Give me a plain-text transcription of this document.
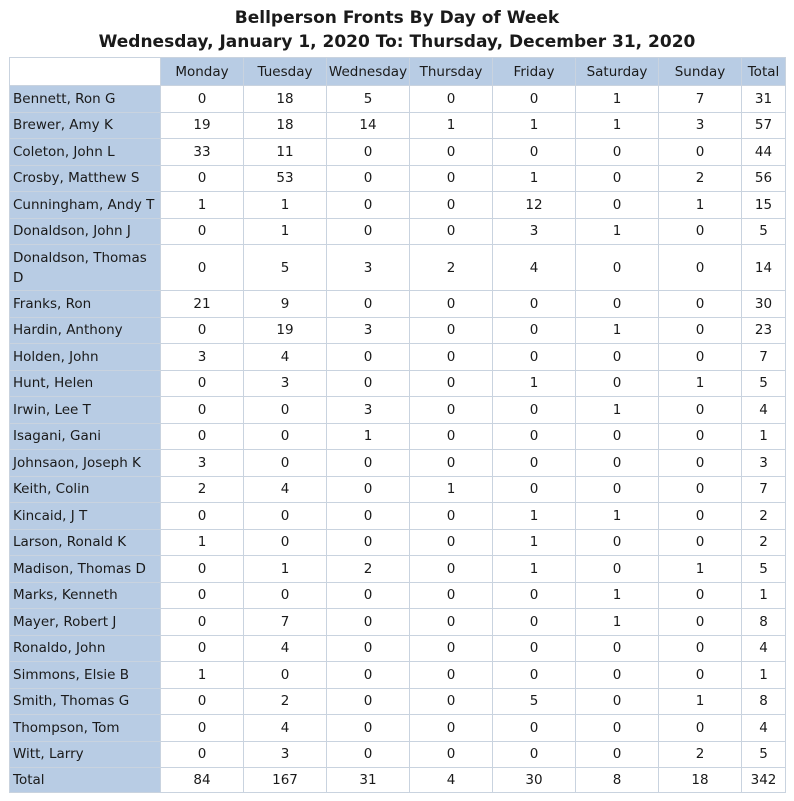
Bellperson Fronts By Day of Week
Wednesday, January 1, 2020 To: Thursday, December 31, 2020
	Monday	Tuesday	Wednesday	Thursday	Friday	Saturday	Sunday	Total
Bennett, Ron G	0	18	5	0	0	1	7	31
Brewer, Amy K	19	18	14	1	1	1	3	57
Coleton, John L	33	11	0	0	0	0	0	44
Crosby, Matthew S	0	53	0	0	1	0	2	56
Cunningham, Andy T	1	1	0	0	12	0	1	15
Donaldson, John J	0	1	0	0	3	1	0	5
Donaldson, Thomas D	0	5	3	2	4	0	0	14
Franks, Ron	21	9	0	0	0	0	0	30
Hardin, Anthony	0	19	3	0	0	1	0	23
Holden, John	3	4	0	0	0	0	0	7
Hunt, Helen	0	3	0	0	1	0	1	5
Irwin, Lee T	0	0	3	0	0	1	0	4
Isagani, Gani	0	0	1	0	0	0	0	1
Johnsaon, Joseph K	3	0	0	0	0	0	0	3
Keith, Colin	2	4	0	1	0	0	0	7
Kincaid, J T	0	0	0	0	1	1	0	2
Larson, Ronald K	1	0	0	0	1	0	0	2
Madison, Thomas D	0	1	2	0	1	0	1	5
Marks, Kenneth	0	0	0	0	0	1	0	1
Mayer, Robert J	0	7	0	0	0	1	0	8
Ronaldo, John	0	4	0	0	0	0	0	4
Simmons, Elsie B	1	0	0	0	0	0	0	1
Smith, Thomas G	0	2	0	0	5	0	1	8
Thompson, Tom	0	4	0	0	0	0	0	4
Witt, Larry	0	3	0	0	0	0	2	5
Total	84	167	31	4	30	8	18	342
